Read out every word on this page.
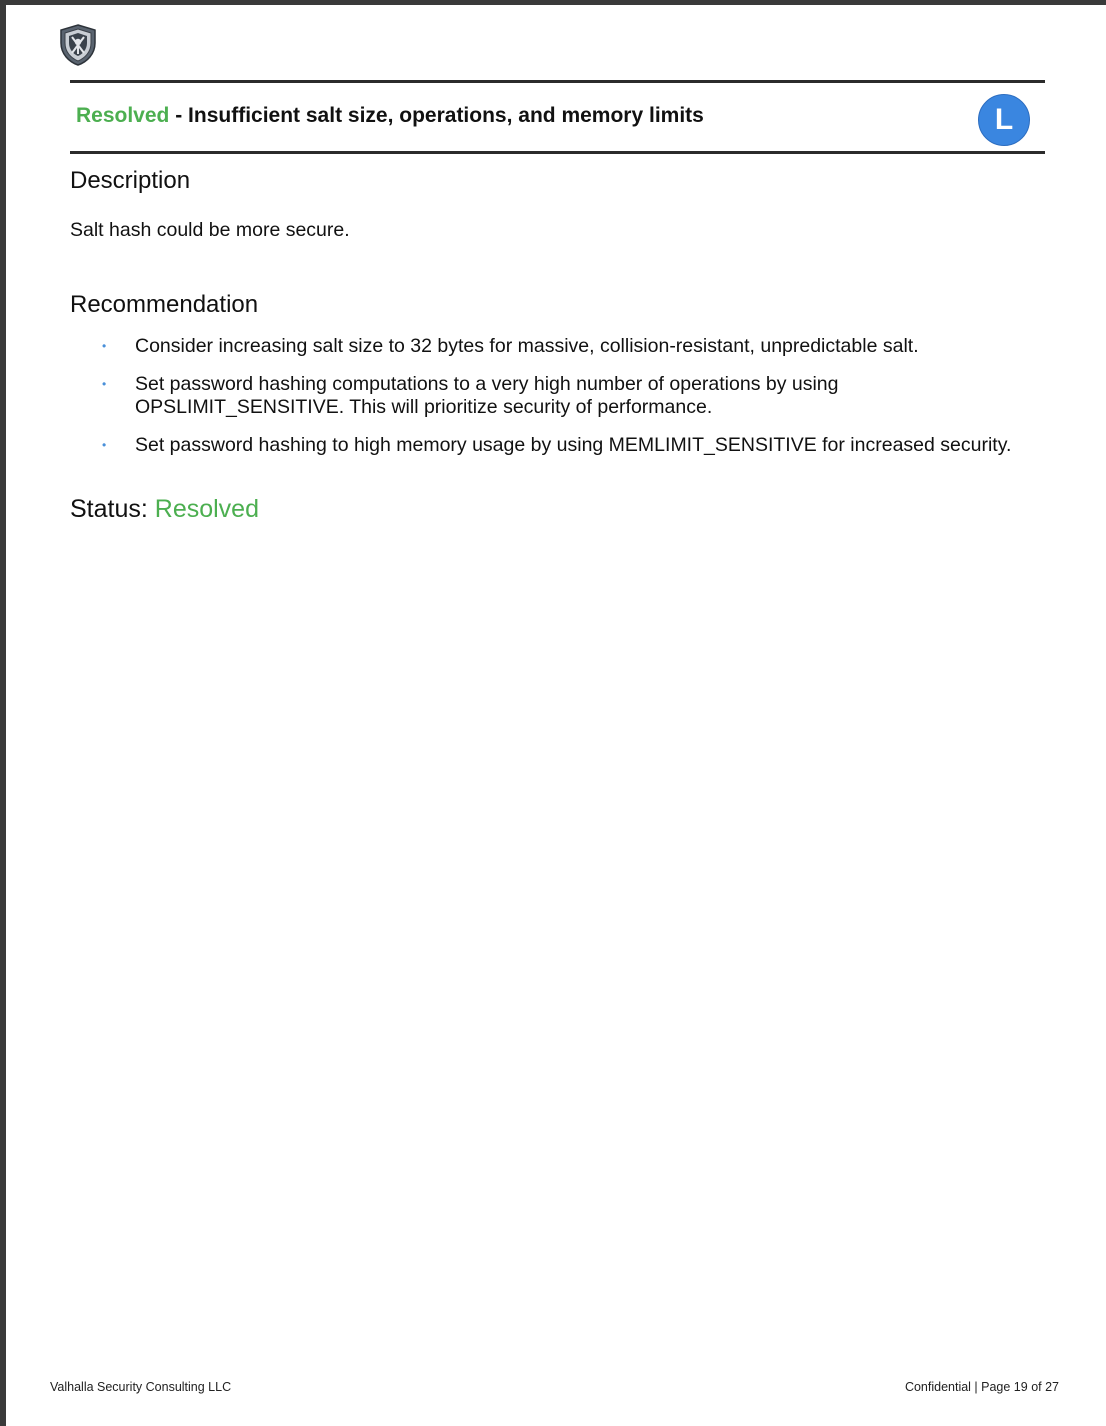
Resolved - Insufficient salt size, operations, and memory limits	L
Description
Salt hash could be more secure.
Recommendation
• Consider increasing salt size to 32 bytes for massive, collision-resistant, unpredictable salt.
• Set password hashing computations to a very high number of operations by using
OPSLIMIT_SENSITIVE. This will prioritize security of performance.
• Set password hashing to high memory usage by using MEMLIMIT_SENSITIVE for increased security.
Status: Resolved
Valhalla Security Consulting LLC	Confidential | Page 19 of 27
